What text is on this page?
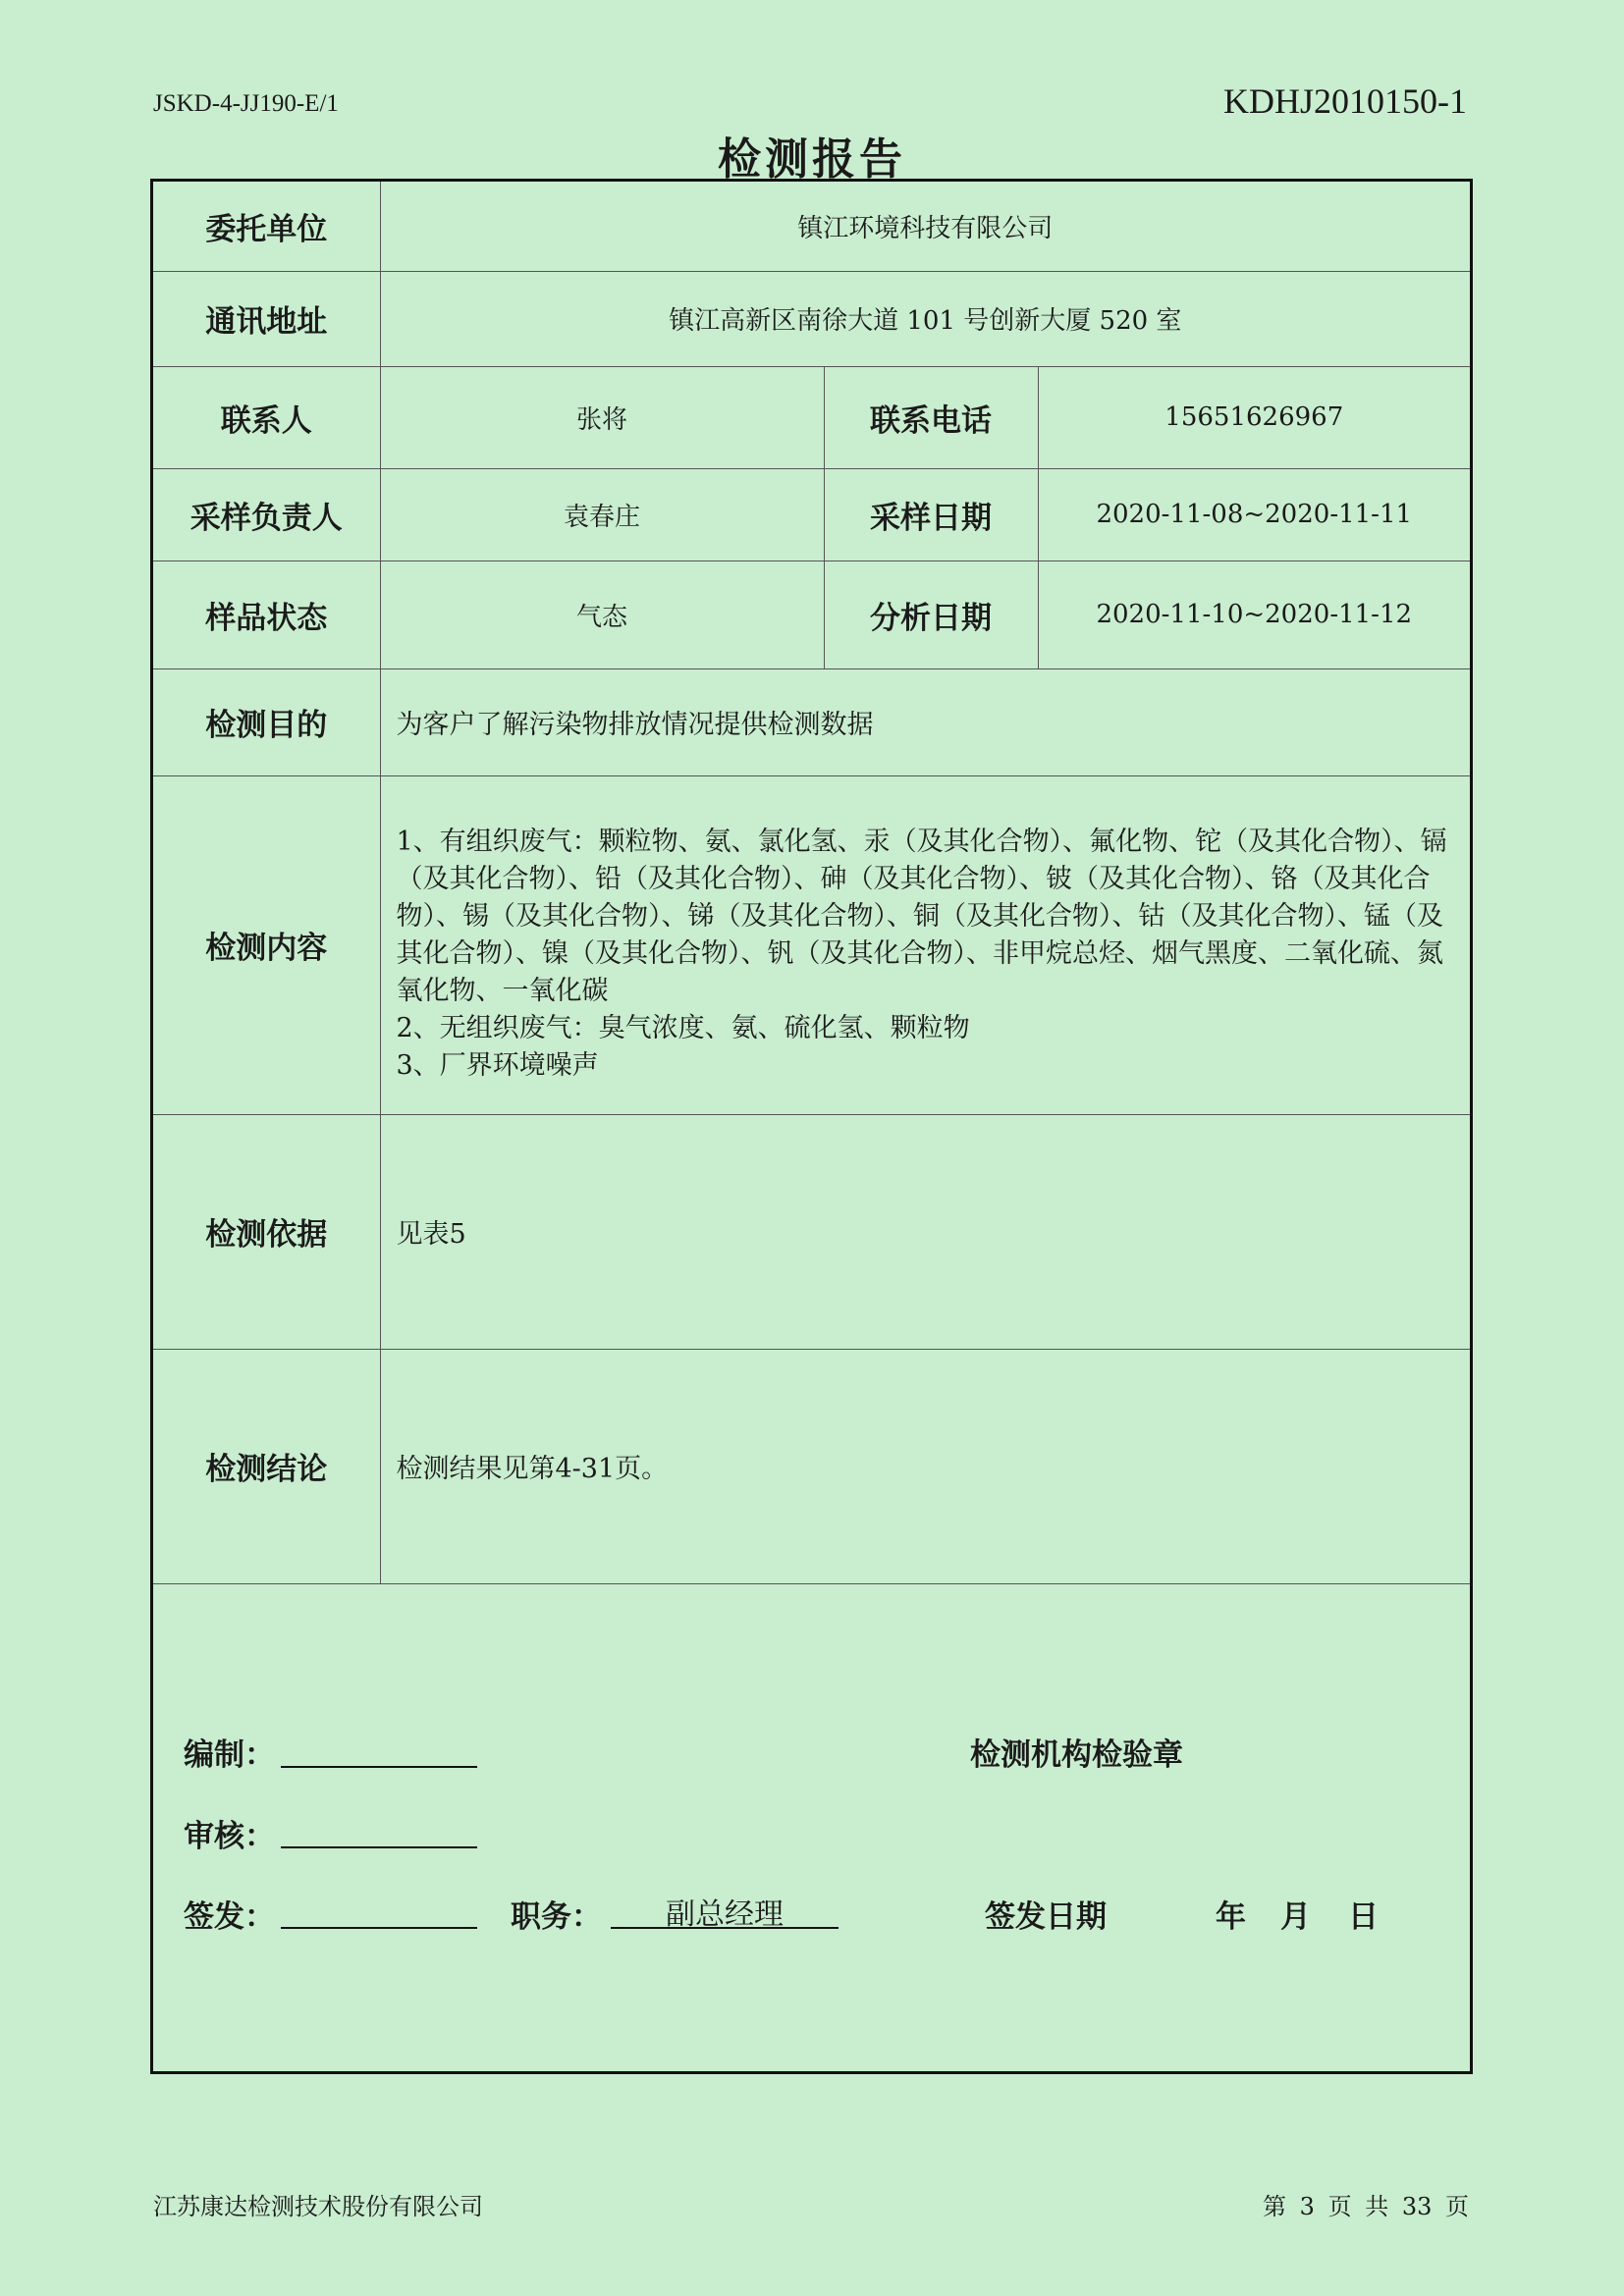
JSKD-4-JJ190-E/1	KDHJ2010150-1
检测报告
委托单位	镇江环境科技有限公司		
通讯地址	镇江高新区南徐大道 101 号创新大厦 520 室		
联系人	张将	联系电话	15651626967
采样负责人	袁春庄	采样日期	2020-11-08~2020-11-11
样品状态	气态	分析日期	2020-11-10~2020-11-12
检测目的	为客户了解污染物排放情况提供检测数据		
检测内容	1、有组织废气：颗粒物、氨、氯化氢、汞（及其化合物）、氟化物、铊（及其化合物）、镉（及其化合物）、铅（及其化合物）、砷（及其化合物）、铍（及其化合物）、铬（及其化合物）、锡（及其化合物）、锑（及其化合物）、铜（及其化合物）、钴（及其化合物）、锰（及其化合物）、镍（及其化合物）、钒（及其化合物）、非甲烷总烃、烟气黑度、二氧化硫、氮氧化物、一氧化碳
2、无组织废气：臭气浓度、氨、硫化氢、颗粒物
3、厂界环境噪声		

检测依据	见表5		
检测结论	检测结果见第4-31页。		
编制：	检测机构检验章
审核：
签发：	职务：	副总经理	签发日期	年 月 日
江苏康达检测技术股份有限公司	第 3 页 共 33 页
